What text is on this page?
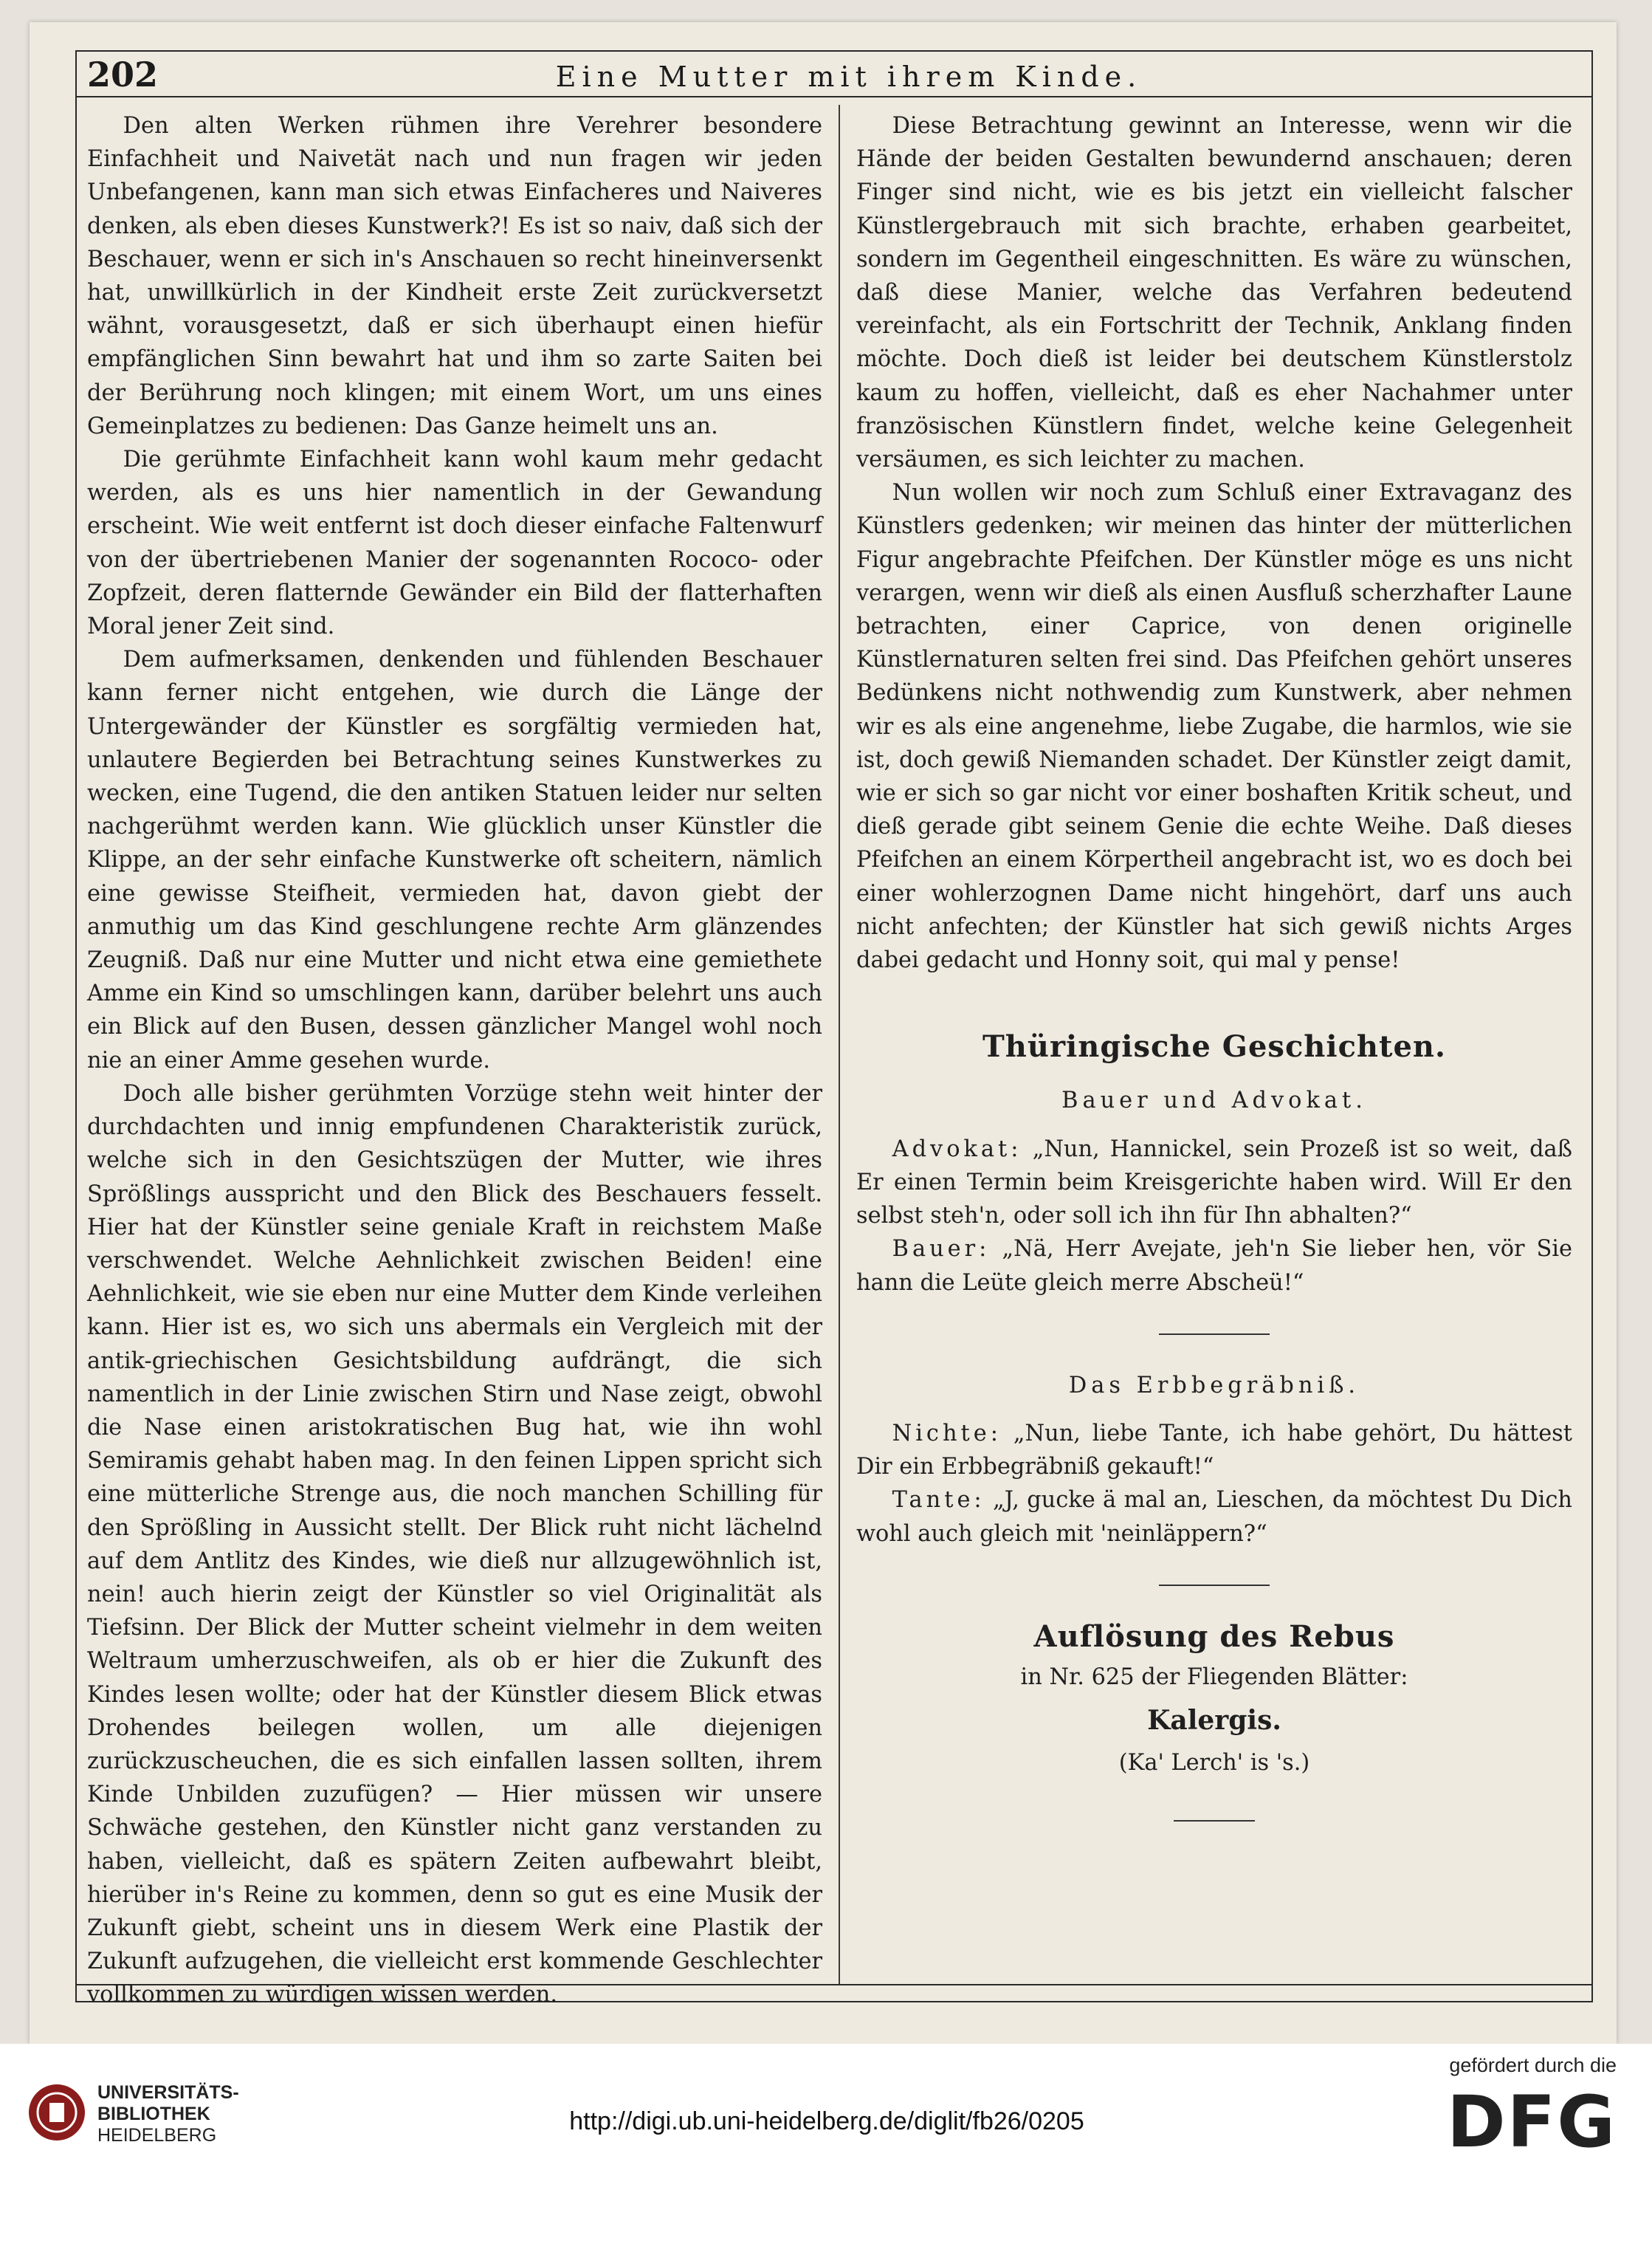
202	Eine Mutter mit ihrem Kinde.

Den alten Werken rühmen ihre Verehrer besondere Einfachheit und Naivetät nach und nun fragen wir jeden Unbefangenen, kann man sich etwas Einfacheres und Naiveres denken, als eben dieses Kunstwerk?! Es ist so naiv, daß sich der Beschauer, wenn er sich in's Anschauen so recht hineinversenkt hat, unwillkürlich in der Kindheit erste Zeit zurückversetzt wähnt, vorausgesetzt, daß er sich überhaupt einen hiefür empfänglichen Sinn bewahrt hat und ihm so zarte Saiten bei der Berührung noch klingen; mit einem Wort, um uns eines Gemeinplatzes zu bedienen: Das Ganze heimelt uns an.

Die gerühmte Einfachheit kann wohl kaum mehr gedacht werden, als es uns hier namentlich in der Gewandung erscheint. Wie weit entfernt ist doch dieser einfache Faltenwurf von der übertriebenen Manier der sogenannten Rococo- oder Zopfzeit, deren flatternde Gewänder ein Bild der flatterhaften Moral jener Zeit sind.

Dem aufmerksamen, denkenden und fühlenden Beschauer kann ferner nicht entgehen, wie durch die Länge der Untergewänder der Künstler es sorgfältig vermieden hat, unlautere Begierden bei Betrachtung seines Kunstwerkes zu wecken, eine Tugend, die den antiken Statuen leider nur selten nachgerühmt werden kann. Wie glücklich unser Künstler die Klippe, an der sehr einfache Kunstwerke oft scheitern, nämlich eine gewisse Steifheit, vermieden hat, davon giebt der anmuthig um das Kind geschlungene rechte Arm glänzendes Zeugniß. Daß nur eine Mutter und nicht etwa eine gemiethete Amme ein Kind so umschlingen kann, darüber belehrt uns auch ein Blick auf den Busen, dessen gänzlicher Mangel wohl noch nie an einer Amme gesehen wurde.

Doch alle bisher gerühmten Vorzüge stehn weit hinter der durchdachten und innig empfundenen Charakteristik zurück, welche sich in den Gesichtszügen der Mutter, wie ihres Sprößlings ausspricht und den Blick des Beschauers fesselt. Hier hat der Künstler seine geniale Kraft in reichstem Maße verschwendet. Welche Aehnlichkeit zwischen Beiden! eine Aehnlichkeit, wie sie eben nur eine Mutter dem Kinde verleihen kann. Hier ist es, wo sich uns abermals ein Vergleich mit der antik-griechischen Gesichtsbildung aufdrängt, die sich namentlich in der Linie zwischen Stirn und Nase zeigt, obwohl die Nase einen aristokratischen Bug hat, wie ihn wohl Semiramis gehabt haben mag. In den feinen Lippen spricht sich eine mütterliche Strenge aus, die noch manchen Schilling für den Sprößling in Aussicht stellt. Der Blick ruht nicht lächelnd auf dem Antlitz des Kindes, wie dieß nur allzugewöhnlich ist, nein! auch hierin zeigt der Künstler so viel Originalität als Tiefsinn. Der Blick der Mutter scheint vielmehr in dem weiten Weltraum umherzuschweifen, als ob er hier die Zukunft des Kindes lesen wollte; oder hat der Künstler diesem Blick etwas Drohendes beilegen wollen, um alle diejenigen zurückzuscheuchen, die es sich einfallen lassen sollten, ihrem Kinde Unbilden zuzufügen? — Hier müssen wir unsere Schwäche gestehen, den Künstler nicht ganz verstanden zu haben, vielleicht, daß es spätern Zeiten aufbewahrt bleibt, hierüber in's Reine zu kommen, denn so gut es eine Musik der Zukunft giebt, scheint uns in diesem Werk eine Plastik der Zukunft aufzugehen, die vielleicht erst kommende Geschlechter vollkommen zu würdigen wissen werden.

Diese Betrachtung gewinnt an Interesse, wenn wir die Hände der beiden Gestalten bewundernd anschauen; deren Finger sind nicht, wie es bis jetzt ein vielleicht falscher Künstlergebrauch mit sich brachte, erhaben gearbeitet, sondern im Gegentheil eingeschnitten. Es wäre zu wünschen, daß diese Manier, welche das Verfahren bedeutend vereinfacht, als ein Fortschritt der Technik, Anklang finden möchte. Doch dieß ist leider bei deutschem Künstlerstolz kaum zu hoffen, vielleicht, daß es eher Nachahmer unter französischen Künstlern findet, welche keine Gelegenheit versäumen, es sich leichter zu machen.

Nun wollen wir noch zum Schluß einer Extravaganz des Künstlers gedenken; wir meinen das hinter der mütterlichen Figur angebrachte Pfeifchen. Der Künstler möge es uns nicht verargen, wenn wir dieß als einen Ausfluß scherzhafter Laune betrachten, einer Caprice, von denen originelle Künstlernaturen selten frei sind. Das Pfeifchen gehört unseres Bedünkens nicht nothwendig zum Kunstwerk, aber nehmen wir es als eine angenehme, liebe Zugabe, die harmlos, wie sie ist, doch gewiß Niemanden schadet. Der Künstler zeigt damit, wie er sich so gar nicht vor einer boshaften Kritik scheut, und dieß gerade gibt seinem Genie die echte Weihe. Daß dieses Pfeifchen an einem Körpertheil angebracht ist, wo es doch bei einer wohlerzognen Dame nicht hingehört, darf uns auch nicht anfechten; der Künstler hat sich gewiß nichts Arges dabei gedacht und Honny soit, qui mal y pense!

Thüringische Geschichten.
Bauer und Advokat.

Advokat: „Nun, Hannickel, sein Prozeß ist so weit, daß Er einen Termin beim Kreisgerichte haben wird. Will Er den selbst steh'n, oder soll ich ihn für Ihn abhalten?“

Bauer: „Nä, Herr Avejate, jeh'n Sie lieber hen, vör Sie hann die Leüte gleich merre Abscheü!“

Das Erbbegräbniß.

Nichte: „Nun, liebe Tante, ich habe gehört, Du hättest Dir ein Erbbegräbniß gekauft!“

Tante: „J, gucke ä mal an, Lieschen, da möchtest Du Dich wohl auch gleich mit 'neinläppern?“

Auflösung des Rebus
in Nr. 625 der Fliegenden Blätter:
Kalergis.
(Ka' Lerch' is 's.)
UNIVERSITÄTS-
BIBLIOTHEK
HEIDELBERG	http://digi.ub.uni-heidelberg.de/diglit/fb26/0205
gefördert durch die
DFG
